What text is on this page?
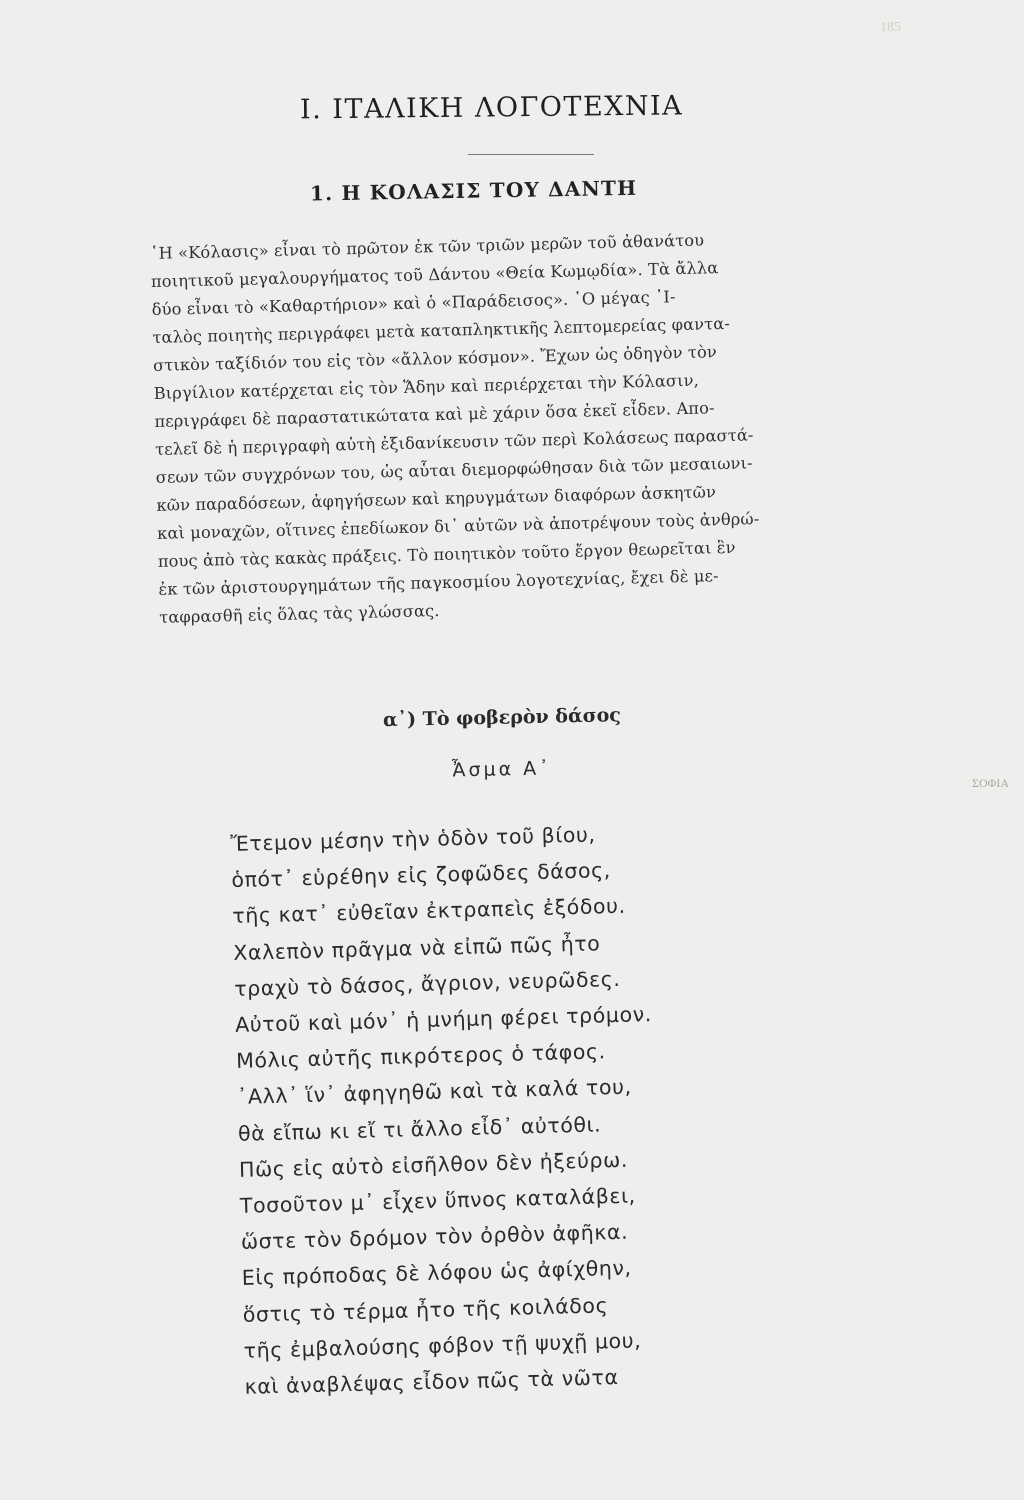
185
ΣΟΦΙΑ
Ι. ΙΤΑΛΙΚΗ ΛΟΓΟΤΕΧΝΙΑ
1. Η ΚΟΛΑΣΙΣ ΤΟΥ ΔΑΝΤΗ
῾Η «Κόλασις» εἶναι τὸ πρῶτον ἐκ τῶν τριῶν μερῶν τοῦ ἀθανάτου
ποιητικοῦ μεγαλουργήματος τοῦ Δάντου «Θεία Κωμῳδία». Τὰ ἄλλα
δύο εἶναι τὸ «Καθαρτήριον» καὶ ὁ «Παράδεισος». ῾Ο μέγας ᾿Ι-
ταλὸς ποιητὴς περιγράφει μετὰ καταπληκτικῆς λεπτομερείας φαντα-
στικὸν ταξίδιόν του εἰς τὸν «ἄλλον κόσμον». Ἔχων ὡς ὁδηγὸν τὸν
Βιργίλιον κατέρχεται εἰς τὸν Ἅδην καὶ περιέρχεται τὴν Κόλασιν,
περιγράφει δὲ παραστατικώτατα καὶ μὲ χάριν ὅσα ἐκεῖ εἶδεν. Απο-
τελεῖ δὲ ἡ περιγραφὴ αὐτὴ ἐξιδανίκευσιν τῶν περὶ Κολάσεως παραστά-
σεων τῶν συγχρόνων του, ὡς αὗται διεμορφώθησαν διὰ τῶν μεσαιωνι-
κῶν παραδόσεων, ἀφηγήσεων καὶ κηρυγμάτων διαφόρων ἀσκητῶν
καὶ μοναχῶν, οἵτινες ἐπεδίωκον δι᾿ αὐτῶν νὰ ἀποτρέψουν τοὺς ἀνθρώ-
πους ἀπὸ τὰς κακὰς πράξεις. Τὸ ποιητικὸν τοῦτο ἔργον θεωρεῖται ἓν
ἐκ τῶν ἀριστουργημάτων τῆς παγκοσμίου λογοτεχνίας, ἔχει δὲ με-
ταφρασθῆ εἰς ὅλας τὰς γλώσσας.
α᾿) Τὸ φοβερὸν δάσος
Ἆσμα Α᾿
Ἔτεμον μέσην τὴν ὁδὸν τοῦ βίου,
ὁπότ᾿ εὑρέθην εἰς ζοφῶδες δάσος,
τῆς κατ᾿ εὐθεῖαν ἐκτραπεὶς ἐξόδου.
Χαλεπὸν πρᾶγμα νὰ εἰπῶ πῶς ἦτο
τραχὺ τὸ δάσος, ἄγριον, νευρῶδες.
Αὐτοῦ καὶ μόν᾿ ἡ μνήμη φέρει τρόμον.
Μόλις αὐτῆς πικρότερος ὁ τάφος.
᾿Αλλ᾿ ἵν᾿ ἀφηγηθῶ καὶ τὰ καλά του,
θὰ εἴπω κι εἴ τι ἄλλο εἶδ᾿ αὐτόθι.
Πῶς εἰς αὐτὸ εἰσῆλθον δὲν ἠξεύρω.
Τοσοῦτον μ᾿ εἶχεν ὕπνος καταλάβει,
ὥστε τὸν δρόμον τὸν ὀρθὸν ἀφῆκα.
Εἰς πρόποδας δὲ λόφου ὡς ἀφίχθην,
ὅστις τὸ τέρμα ἦτο τῆς κοιλάδος
τῆς ἐμβαλούσης φόβον τῇ ψυχῇ μου,
καὶ ἀναβλέψας εἶδον πῶς τὰ νῶτα
